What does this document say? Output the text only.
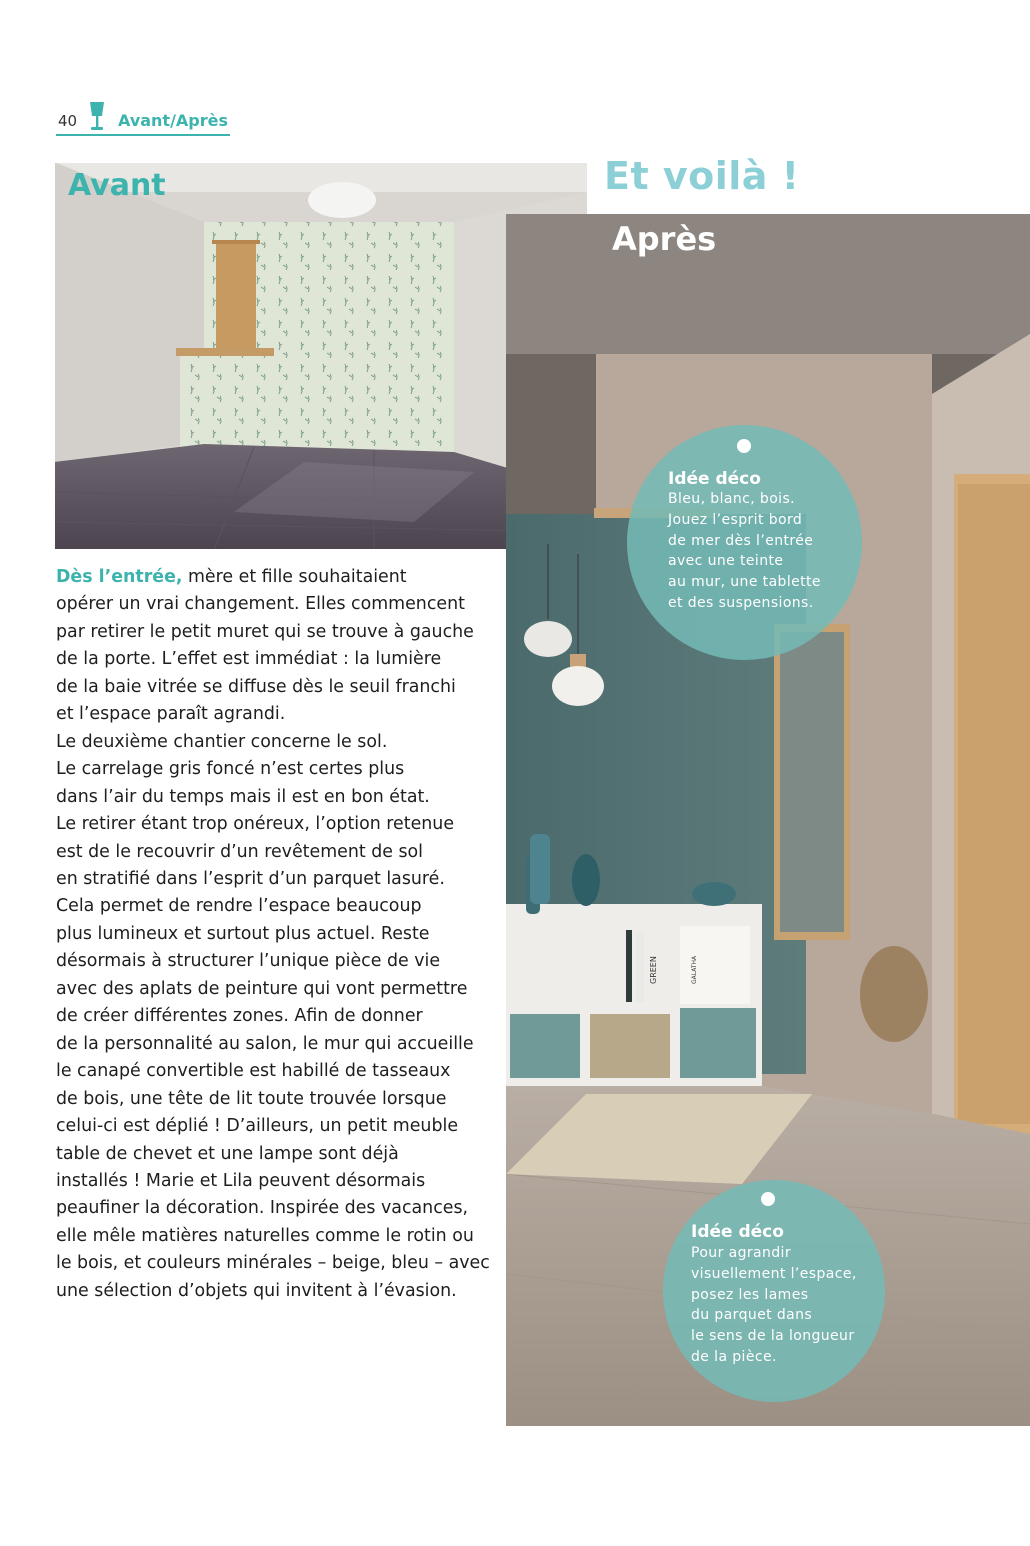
40	Avant/Après
Avant	Et voilà !
GREEN	GALATHA
Après
Dès l’entrée, mère et fille souhaitaient
opérer un vrai changement. Elles commencent
par retirer le petit muret qui se trouve à gauche
de la porte. L’effet est immédiat : la lumière
de la baie vitrée se diffuse dès le seuil franchi
et l’espace paraît agrandi.
Le deuxième chantier concerne le sol.
Le carrelage gris foncé n’est certes plus
dans l’air du temps mais il est en bon état.
Le retirer étant trop onéreux, l’option retenue
est de le recouvrir d’un revêtement de sol
en stratifié dans l’esprit d’un parquet lasuré.
Cela permet de rendre l’espace beaucoup
plus lumineux et surtout plus actuel. Reste
désormais à structurer l’unique pièce de vie
avec des aplats de peinture qui vont permettre
de créer différentes zones. Afin de donner
de la personnalité au salon, le mur qui accueille
le canapé convertible est habillé de tasseaux
de bois, une tête de lit toute trouvée lorsque
celui-ci est déplié ! D’ailleurs, un petit meuble
table de chevet et une lampe sont déjà
installés ! Marie et Lila peuvent désormais
peaufiner la décoration. Inspirée des vacances,
elle mêle matières naturelles comme le rotin ou
le bois, et couleurs minérales – beige, bleu – avec
une sélection d’objets qui invitent à l’évasion.
Idée déco
Bleu, blanc, bois.
Jouez l’esprit bord
de mer dès l’entrée
avec une teinte
au mur, une tablette
et des suspensions.
Idée déco
Pour agrandir
visuellement l’espace,
posez les lames
du parquet dans
le sens de la longueur
de la pièce.
